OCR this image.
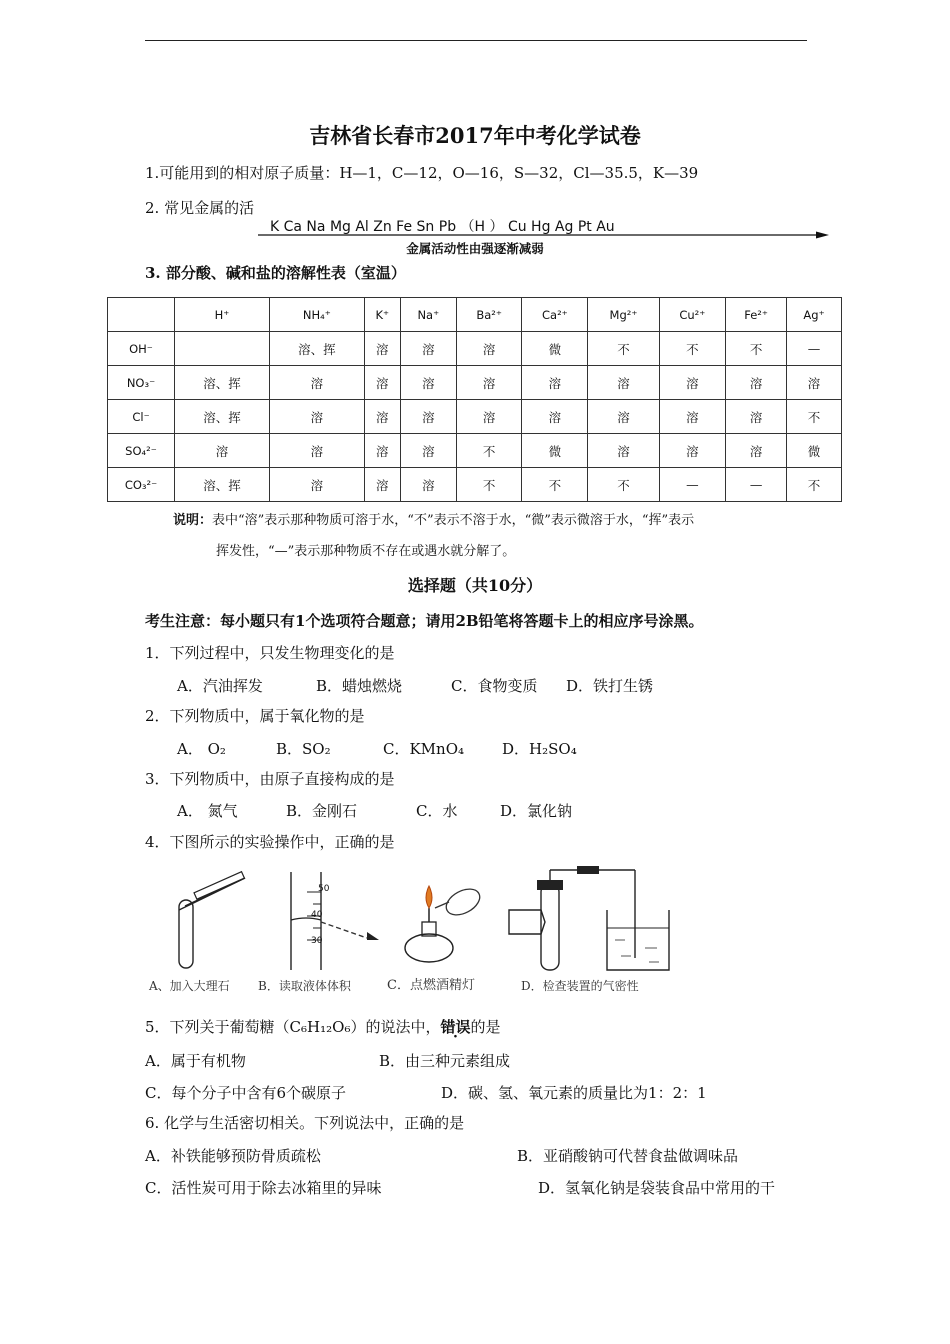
吉林省长春市2017年中考化学试卷
1.可能用到的相对原子质量：H—1，C—12，O—16，S—32，Cl—35.5，K—39
2. 常见金属的活
K Ca Na Mg Al Zn Fe Sn Pb （H ） Cu Hg Ag Pt Au
金属活动性由强逐渐减弱
3. 部分酸、碱和盐的溶解性表（室温）
	H⁺	NH₄⁺	K⁺	Na⁺	Ba²⁺	Ca²⁺	Mg²⁺	Cu²⁺	Fe²⁺	Ag⁺
OH⁻		溶、挥	溶	溶	溶	微	不	不	不	—
NO₃⁻	溶、挥	溶	溶	溶	溶	溶	溶	溶	溶	溶
Cl⁻	溶、挥	溶	溶	溶	溶	溶	溶	溶	溶	不
SO₄²⁻	溶	溶	溶	溶	不	微	溶	溶	溶	微
CO₃²⁻	溶、挥	溶	溶	溶	不	不	不	—	—	不
说明：表中“溶”表示那种物质可溶于水，“不”表示不溶于水，“微”表示微溶于水，“挥”表示
挥发性，“—”表示那种物质不存在或遇水就分解了。
选择题（共10分）
考生注意：每小题只有1个选项符合题意；请用2B铅笔将答题卡上的相应序号涂黑。
1．下列过程中，只发生物理变化的是
A．汽油挥发	B．蜡烛燃烧	C．食物变质 D．铁打生锈
2．下列物质中，属于氧化物的是
A． O₂	B．SO₂	C．KMnO₄	D．H₂SO₄
3．下列物质中，由原子直接构成的是
A． 氮气	B．金刚石	C．水	D．氯化钠
4．下图所示的实验操作中，正确的是
50
40
30
A、加入大理石 B．读取液体体积	C．点燃酒精灯	D．检查装置的气密性
5．下列关于葡萄糖（C₆H₁₂O₆）的说法中，错误的是
A．属于有机物	B．由三种元素组成
C．每个分子中含有6个碳原子	D．碳、氢、氧元素的质量比为1：2：1
6. 化学与生活密切相关。下列说法中，正确的是
A．补铁能够预防骨质疏松	B．亚硝酸钠可代替食盐做调味品
C．活性炭可用于除去冰箱里的异味	D．氢氧化钠是袋装食品中常用的干
